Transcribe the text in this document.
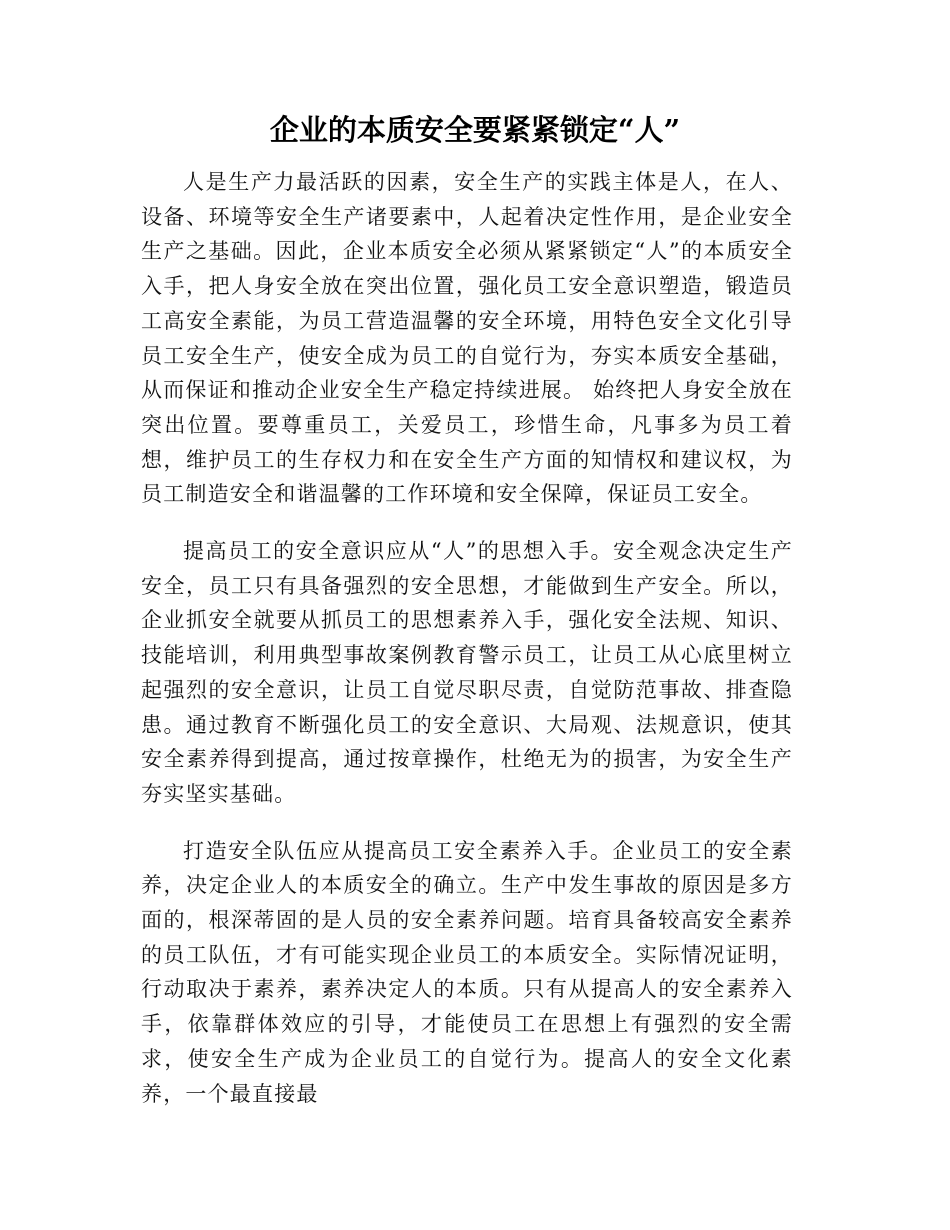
企业的本质安全要紧紧锁定“人”

人是生产力最活跃的因素，安全生产的实践主体是人，在人、设备、环境等安全生产诸要素中，人起着决定性作用，是企业安全生产之基础。因此，企业本质安全必须从紧紧锁定“人”的本质安全入手，把人身安全放在突出位置，强化员工安全意识塑造，锻造员工高安全素能，为员工营造温馨的安全环境，用特色安全文化引导员工安全生产，使安全成为员工的自觉行为，夯实本质安全基础，从而保证和推动企业安全生产稳定持续进展。 始终把人身安全放在突出位置。要尊重员工，关爱员工，珍惜生命，凡事多为员工着想，维护员工的生存权力和在安全生产方面的知情权和建议权，为员工制造安全和谐温馨的工作环境和安全保障，保证员工安全。

提高员工的安全意识应从“人”的思想入手。安全观念决定生产安全，员工只有具备强烈的安全思想，才能做到生产安全。所以，企业抓安全就要从抓员工的思想素养入手，强化安全法规、知识、技能培训，利用典型事故案例教育警示员工，让员工从心底里树立起强烈的安全意识，让员工自觉尽职尽责，自觉防范事故、排查隐患。通过教育不断强化员工的安全意识、大局观、法规意识，使其安全素养得到提高，通过按章操作，杜绝无为的损害，为安全生产夯实坚实基础。

打造安全队伍应从提高员工安全素养入手。企业员工的安全素养，决定企业人的本质安全的确立。生产中发生事故的原因是多方面的，根深蒂固的是人员的安全素养问题。培育具备较高安全素养的员工队伍，才有可能实现企业员工的本质安全。实际情况证明，行动取决于素养，素养决定人的本质。只有从提高人的安全素养入手，依靠群体效应的引导，才能使员工在思想上有强烈的安全需求，使安全生产成为企业员工的自觉行为。提高人的安全文化素养，一个最直接最
